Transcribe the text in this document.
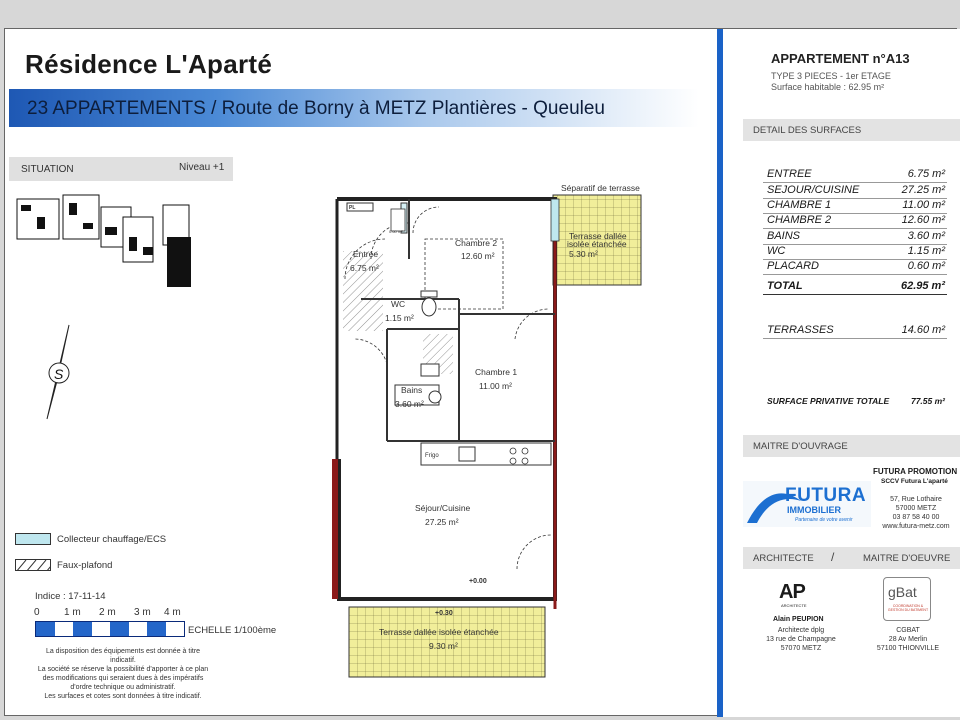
Résidence L'Aparté
23 APPARTEMENTS / Route de Borny à METZ Plantières - Queuleu
SITUATION	Niveau +1
S
Collecteur chauffage/ECS
Faux-plafond
Indice : 17-11-14
0 1 m 2 m 3 m 4 m
ECHELLE 1/100ème
La disposition des équipements est donnée à titre indicatif.
La société se réserve la possibilité d'apporter à ce plan
des modifications qui seraient dues à des impératifs
d'ordre technique ou administratif.
Les surfaces et cotes sont données à titre indicatif.
Entrée
6.75 m²
Chambre 2
12.60 m²
WC
1.15 m²
Chambre 1
11.00 m²
Bains
3.60 m²
Séjour/Cuisine
27.25 m²
Terrasse dallée
isolée étanchée
5.30 m²
Terrasse dallée isolée étanchée
9.30 m²
Séparatif de terrasse
+0.00
+0.30
PL
Frigo
0.60 m²
APPARTEMENT n°A13
TYPE 3 PIECES - 1er ETAGE
Surface habitable : 62.95 m²
DETAIL DES SURFACES
ENTREE	6.75 m²
SEJOUR/CUISINE	27.25 m²
CHAMBRE 1	11.00 m²
CHAMBRE 2	12.60 m²
BAINS	3.60 m²
WC	1.15 m²
PLACARD	0.60 m²
TOTAL	62.95 m²
TERRASSES	14.60 m²
SURFACE PRIVATIVE TOTALE	77.55 m²
MAITRE D'OUVRAGE
FUTURA PROMOTION
SCCV Futura L'aparté
FUTURA
IMMOBILIER
Partenaire de votre avenir
57, Rue Lothaire
57000 METZ
03 87 58 40 00
www.futura-metz.com
ARCHITECTE /	MAITRE D'OEUVRE
AP
ARCHITECTE
Alain PEUPION
Architecte dplg
13 rue de Champagne
57070 METZ
gBat
COORDINATION & GESTION DU BATIMENT
CGBAT
28 Av Merlin
57100 THIONVILLE
